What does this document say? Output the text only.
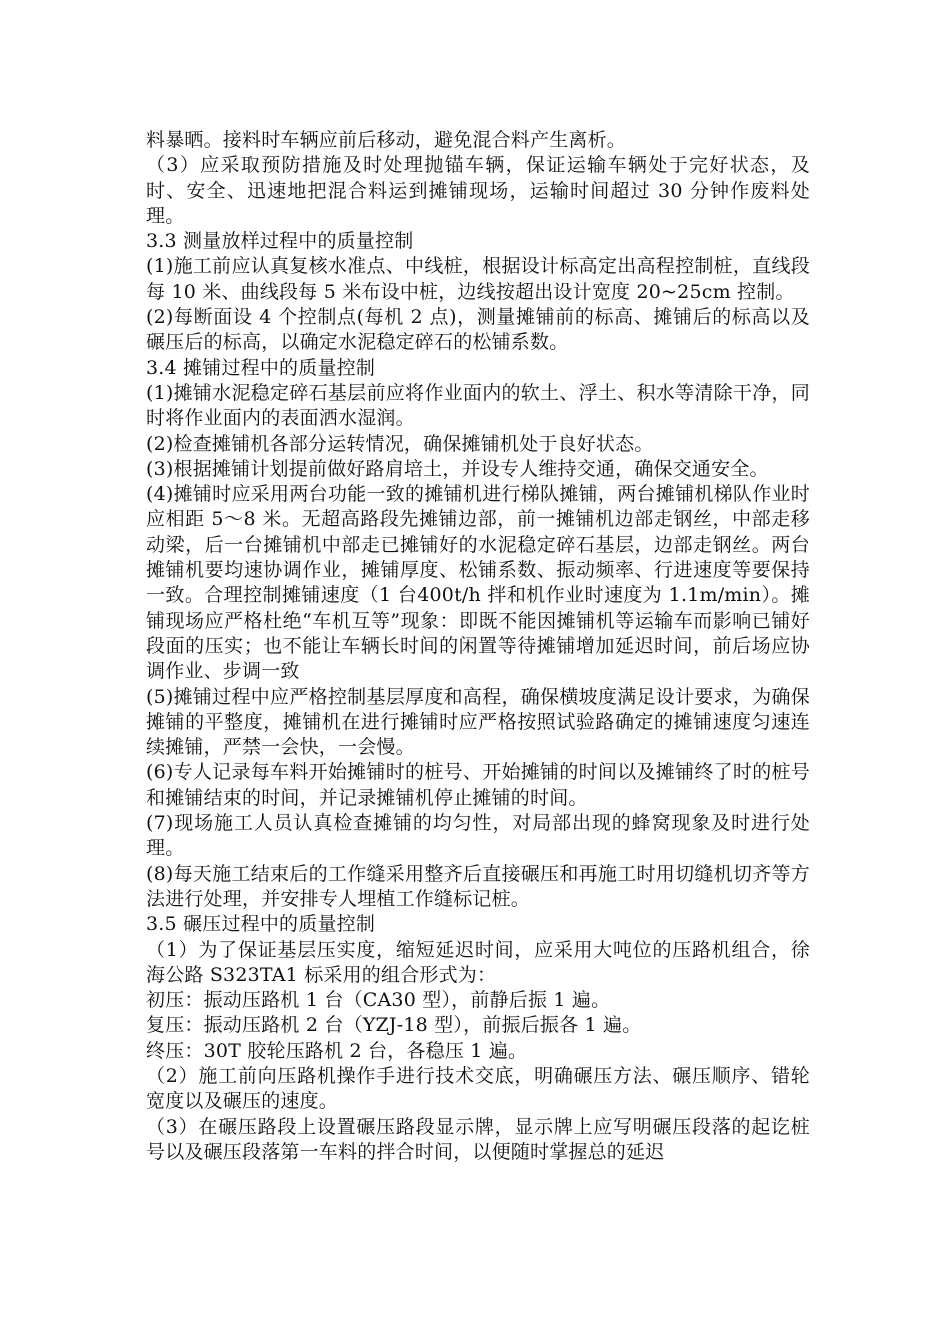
料暴晒。接料时车辆应前后移动，避免混合料产生离析。

（3）应采取预防措施及时处理抛锚车辆，保证运输车辆处于完好状态，及时、安全、迅速地把混合料运到摊铺现场，运输时间超过 30 分钟作废料处理。

3.3 测量放样过程中的质量控制

(1)施工前应认真复核水准点、中线桩，根据设计标高定出高程控制桩，直线段每 10 米、曲线段每 5 米布设中桩，边线按超出设计宽度 20~25cm 控制。

(2)每断面设 4 个控制点(每机 2 点)，测量摊铺前的标高、摊铺后的标高以及碾压后的标高，以确定水泥稳定碎石的松铺系数。

3.4 摊铺过程中的质量控制

(1)摊铺水泥稳定碎石基层前应将作业面内的软土、浮土、积水等清除干净，同时将作业面内的表面洒水湿润。

(2)检查摊铺机各部分运转情况，确保摊铺机处于良好状态。

(3)根据摊铺计划提前做好路肩培土，并设专人维持交通，确保交通安全。

(4)摊铺时应采用两台功能一致的摊铺机进行梯队摊铺，两台摊铺机梯队作业时应相距 5～8 米。无超高路段先摊铺边部，前一摊铺机边部走钢丝，中部走移动梁，后一台摊铺机中部走已摊铺好的水泥稳定碎石基层，边部走钢丝。两台摊铺机要均速协调作业，摊铺厚度、松铺系数、振动频率、行进速度等要保持一致。合理控制摊铺速度（1 台400t/h 拌和机作业时速度为 1.1m/min）。摊铺现场应严格杜绝“车机互等”现象：即既不能因摊铺机等运输车而影响已铺好段面的压实；也不能让车辆长时间的闲置等待摊铺增加延迟时间，前后场应协调作业、步调一致

(5)摊铺过程中应严格控制基层厚度和高程，确保横坡度满足设计要求，为确保摊铺的平整度，摊铺机在进行摊铺时应严格按照试验路确定的摊铺速度匀速连续摊铺，严禁一会快，一会慢。

(6)专人记录每车料开始摊铺时的桩号、开始摊铺的时间以及摊铺终了时的桩号和摊铺结束的时间，并记录摊铺机停止摊铺的时间。

(7)现场施工人员认真检查摊铺的均匀性，对局部出现的蜂窝现象及时进行处理。

(8)每天施工结束后的工作缝采用整齐后直接碾压和再施工时用切缝机切齐等方法进行处理，并安排专人埋植工作缝标记桩。

3.5 碾压过程中的质量控制

（1）为了保证基层压实度，缩短延迟时间，应采用大吨位的压路机组合，徐海公路 S323TA1 标采用的组合形式为：

初压：振动压路机 1 台（CA30 型），前静后振 1 遍。

复压：振动压路机 2 台（YZJ-18 型），前振后振各 1 遍。

终压：30T 胶轮压路机 2 台，各稳压 1 遍。

（2）施工前向压路机操作手进行技术交底，明确碾压方法、碾压顺序、错轮宽度以及碾压的速度。

（3）在碾压路段上设置碾压路段显示牌，显示牌上应写明碾压段落的起讫桩号以及碾压段落第一车料的拌合时间，以便随时掌握总的延迟
